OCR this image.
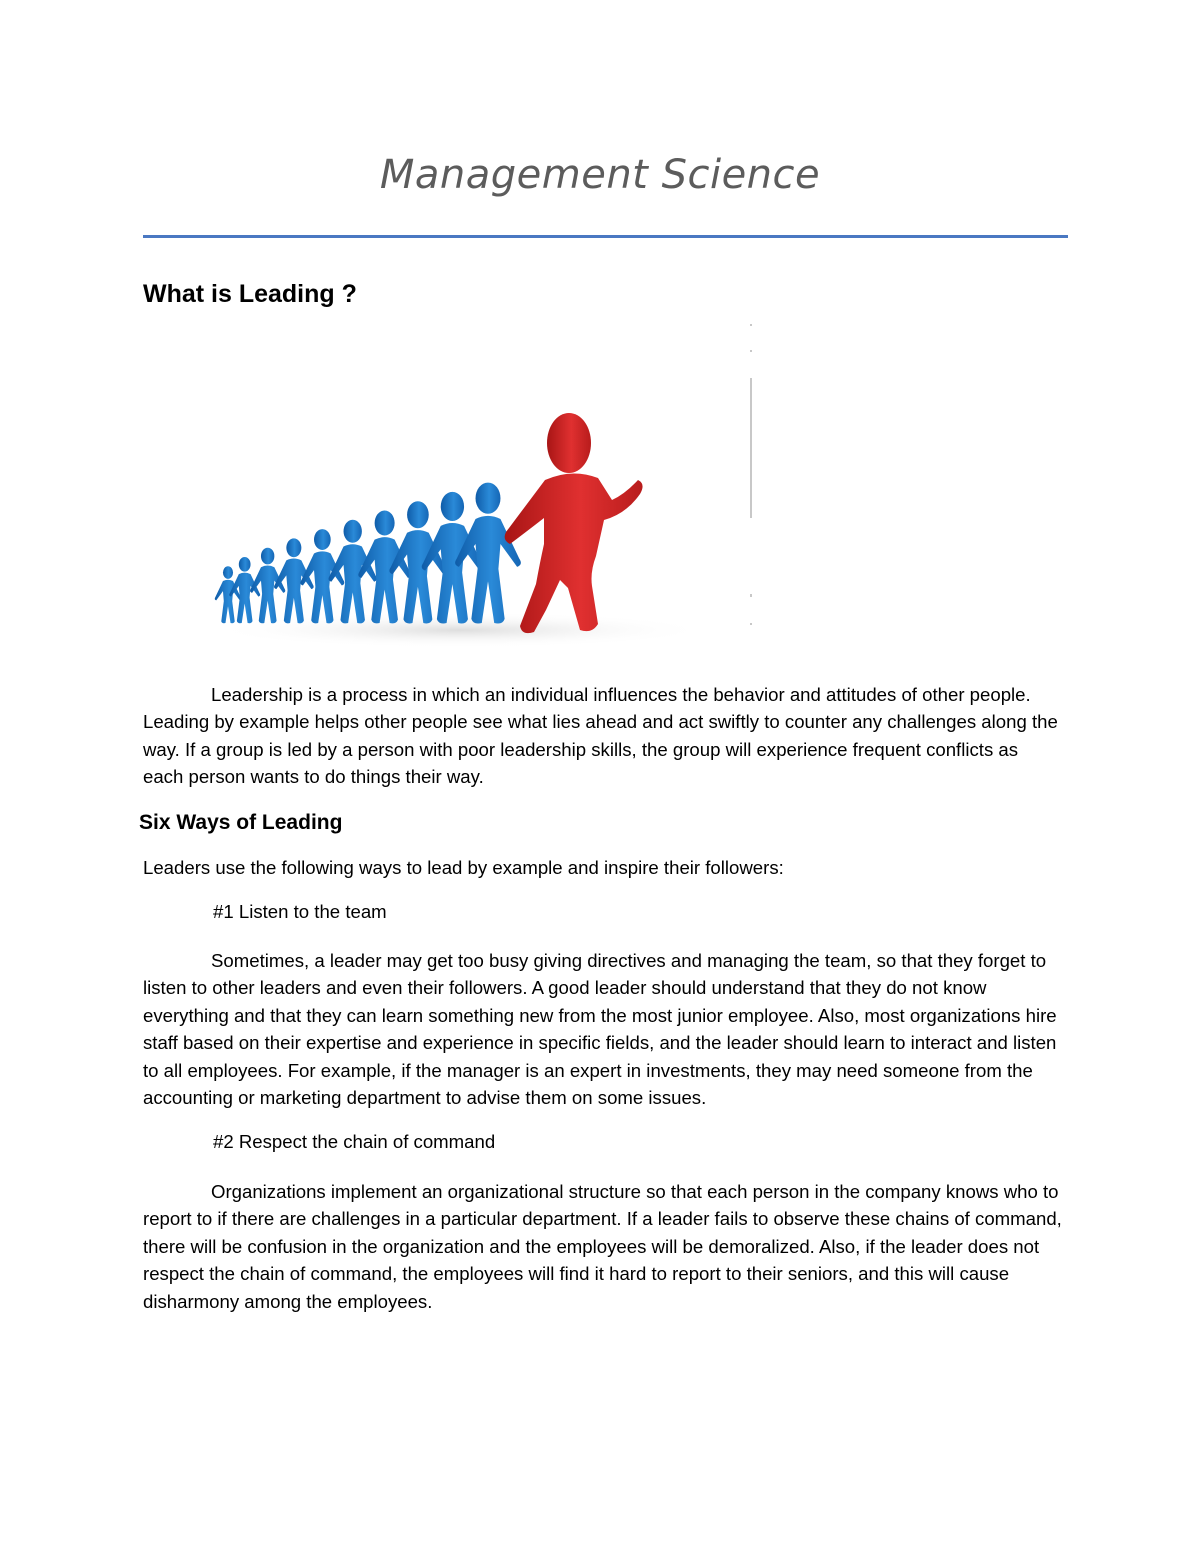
Management Science
What is Leading ?

Leadership is a process in which an individual influences the behavior and attitudes of other people. Leading by example helps other people see what lies ahead and act swiftly to counter any challenges along the way. If a group is led by a person with poor leadership skills, the group will experience frequent conflicts as each person wants to do things their way.

Six Ways of Leading

Leaders use the following ways to lead by example and inspire their followers:

#1 Listen to the team

Sometimes, a leader may get too busy giving directives and managing the team, so that they forget to listen to other leaders and even their followers. A good leader should understand that they do not know everything and that they can learn something new from the most junior employee. Also, most organizations hire staff based on their expertise and experience in specific fields, and the leader should learn to interact and listen to all employees. For example, if the manager is an expert in investments, they may need someone from the accounting or marketing department to advise them on some issues.

#2 Respect the chain of command

Organizations implement an organizational structure so that each person in the company knows who to report to if there are challenges in a particular department. If a leader fails to observe these chains of command, there will be confusion in the organization and the employees will be demoralized. Also, if the leader does not respect the chain of command, the employees will find it hard to report to their seniors, and this will cause disharmony among the employees.
